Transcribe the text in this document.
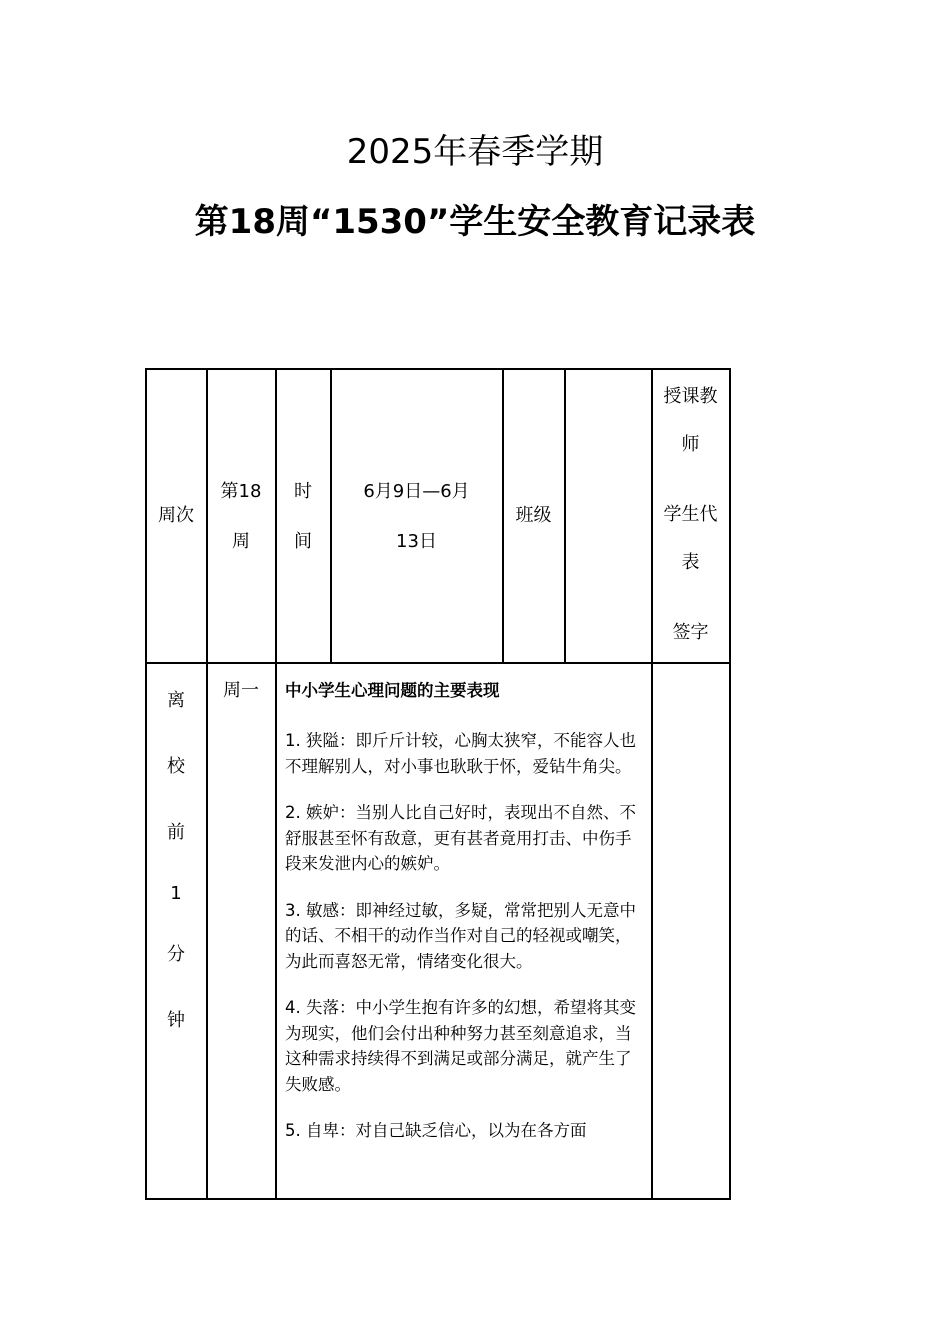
2025年春季学期
第18周“1530”学生安全教育记录表
周次
第18
周
时
间
6月9日—6月
13日
班级
授课教
师
学生代
表
签字
离
校
前
1
分
钟
周一	中小学生心理问题的主要表现

1. 狭隘：即斤斤计较，心胸太狭窄，不能容人也不理解别人，对小事也耿耿于怀，爱钻牛角尖。

2. 嫉妒：当别人比自己好时，表现出不自然、不舒服甚至怀有敌意，更有甚者竟用打击、中伤手段来发泄内心的嫉妒。

3. 敏感：即神经过敏，多疑，常常把别人无意中的话、不相干的动作当作对自己的轻视或嘲笑，为此而喜怒无常，情绪变化很大。

4. 失落：中小学生抱有许多的幻想，希望将其变为现实，他们会付出种种努力甚至刻意追求，当这种需求持续得不到满足或部分满足，就产生了失败感。

5. 自卑：对自己缺乏信心，以为在各方面
